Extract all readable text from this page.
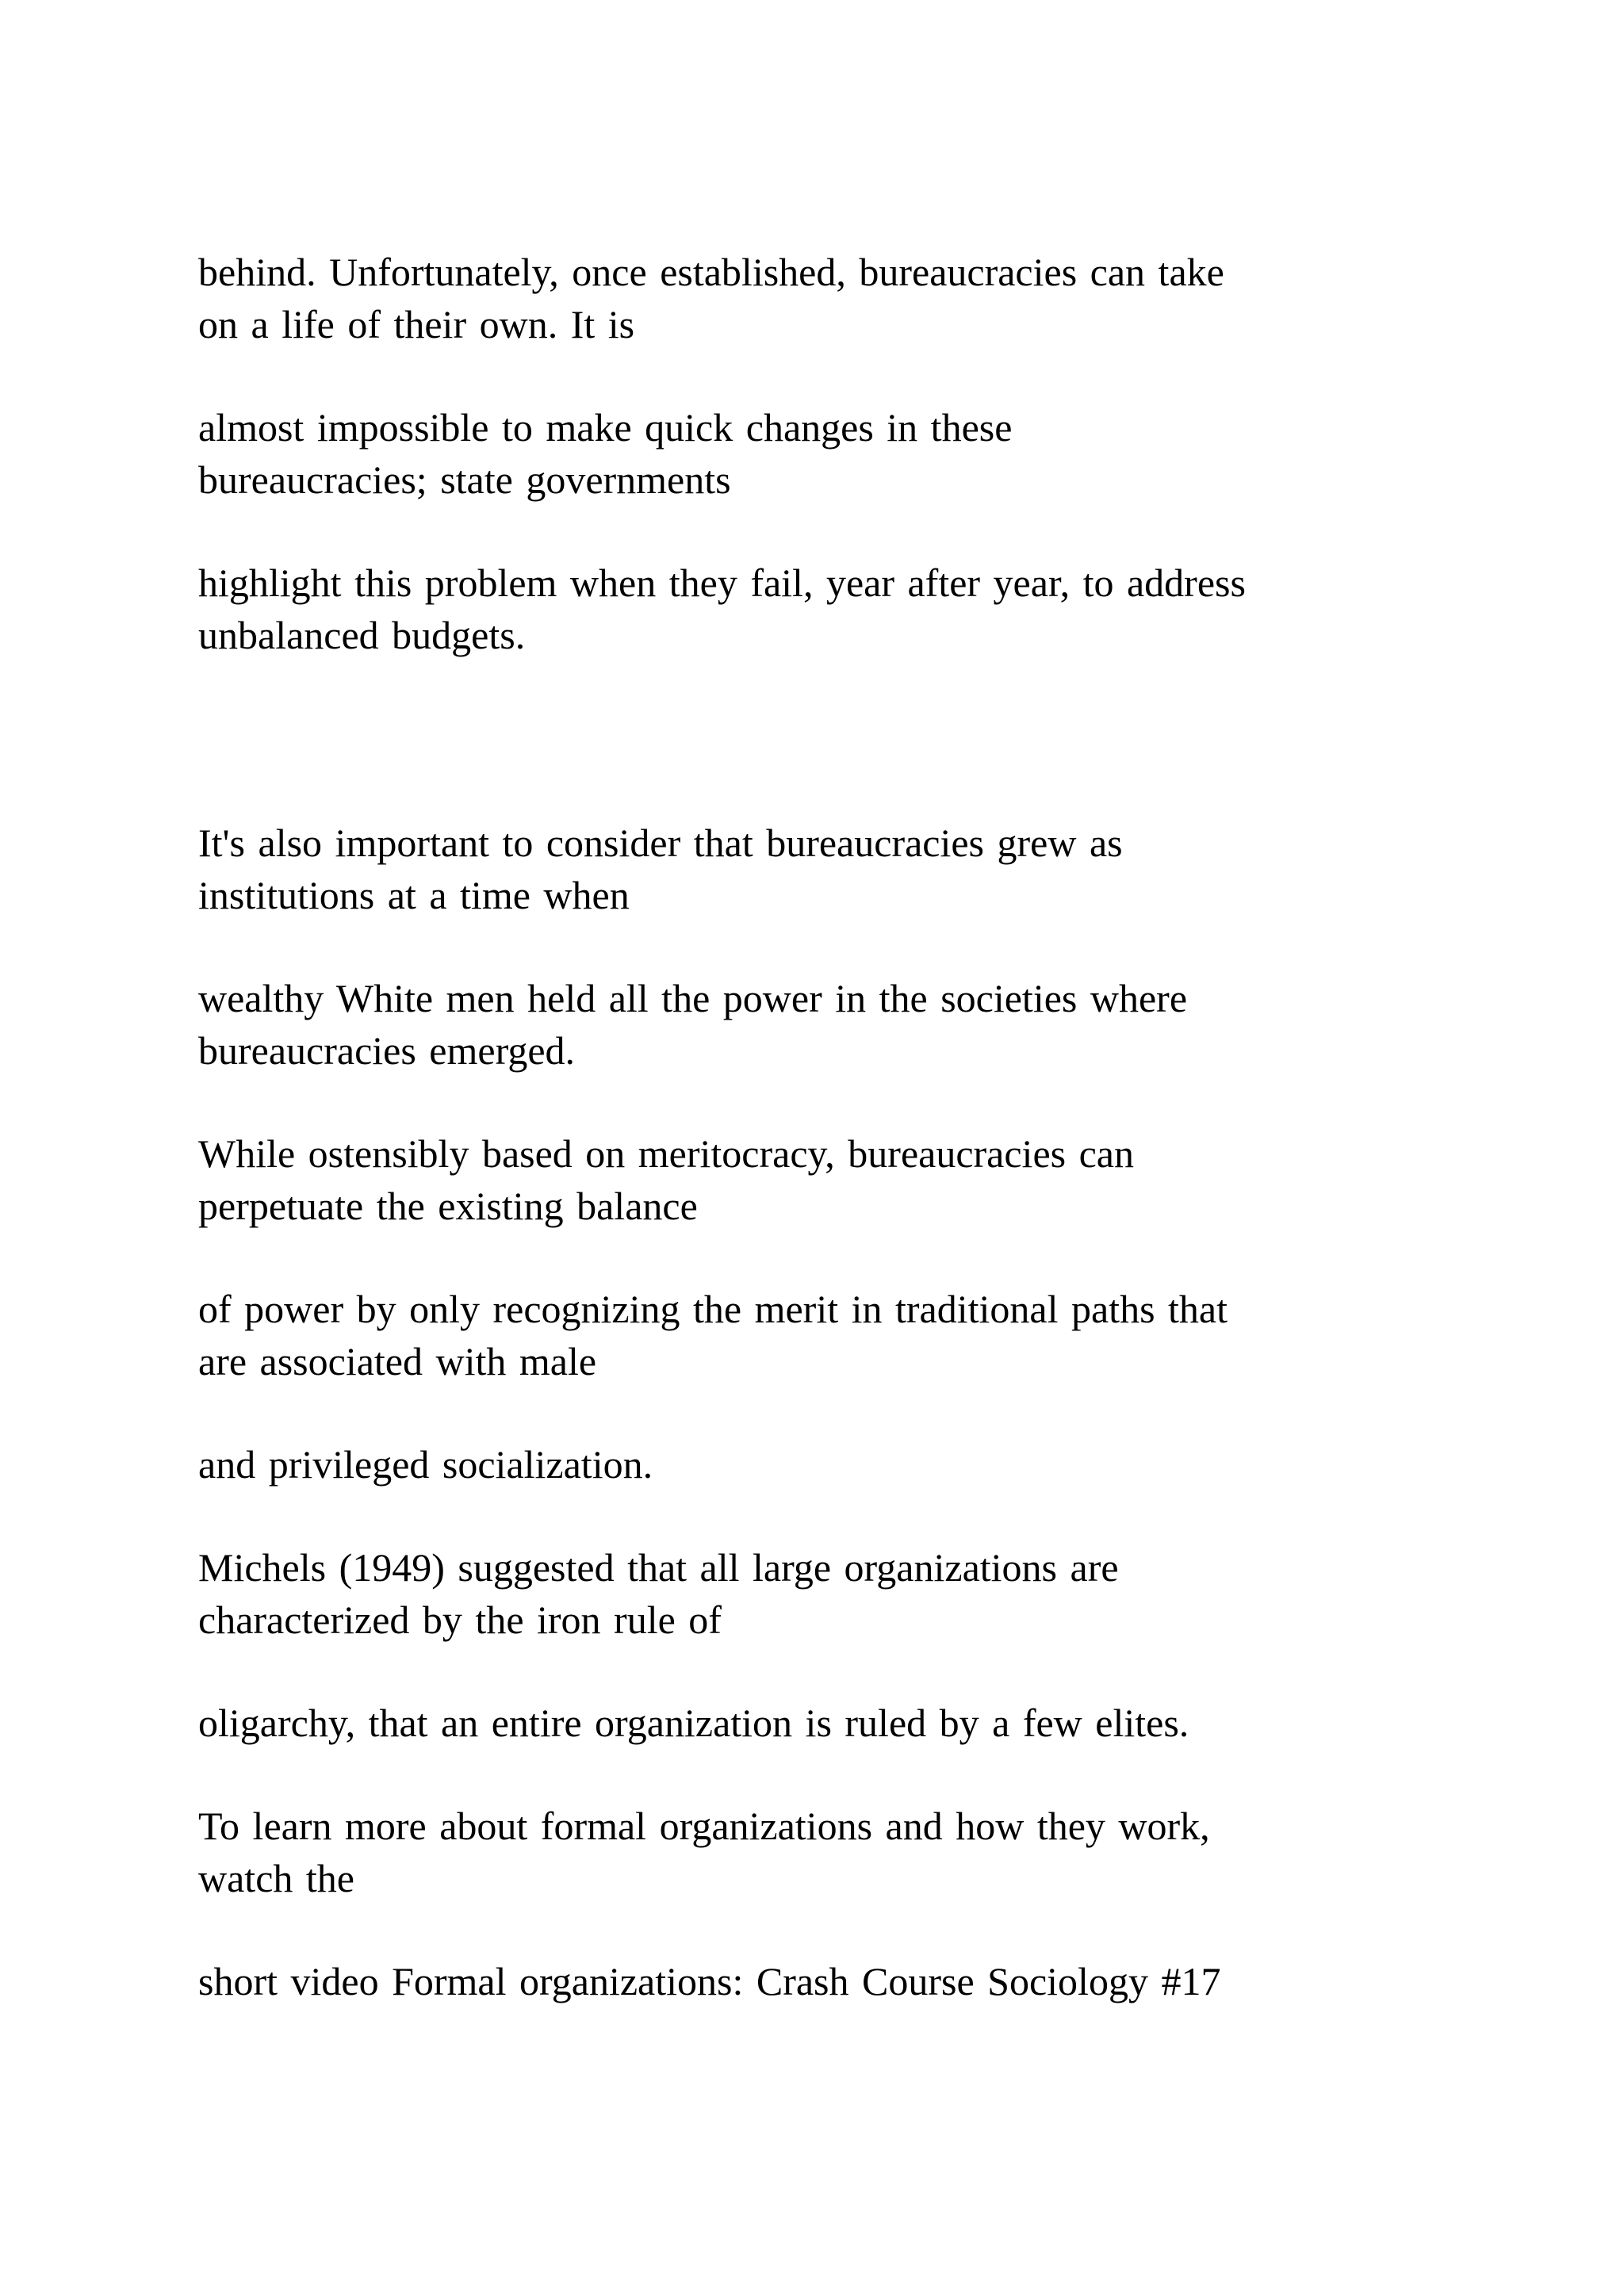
behind. Unfortunately, once established, bureaucracies can take
on a life of their own. It is

almost impossible to make quick changes in these
bureaucracies; state governments

highlight this problem when they fail, year after year, to address
unbalanced budgets.

It's also important to consider that bureaucracies grew as
institutions at a time when

wealthy White men held all the power in the societies where
bureaucracies emerged.

While ostensibly based on meritocracy, bureaucracies can
perpetuate the existing balance

of power by only recognizing the merit in traditional paths that
are associated with male

and privileged socialization.

Michels (1949) suggested that all large organizations are
characterized by the iron rule of

oligarchy, that an entire organization is ruled by a few elites.

To learn more about formal organizations and how they work,
watch the

short video Formal organizations: Crash Course Sociology #17
